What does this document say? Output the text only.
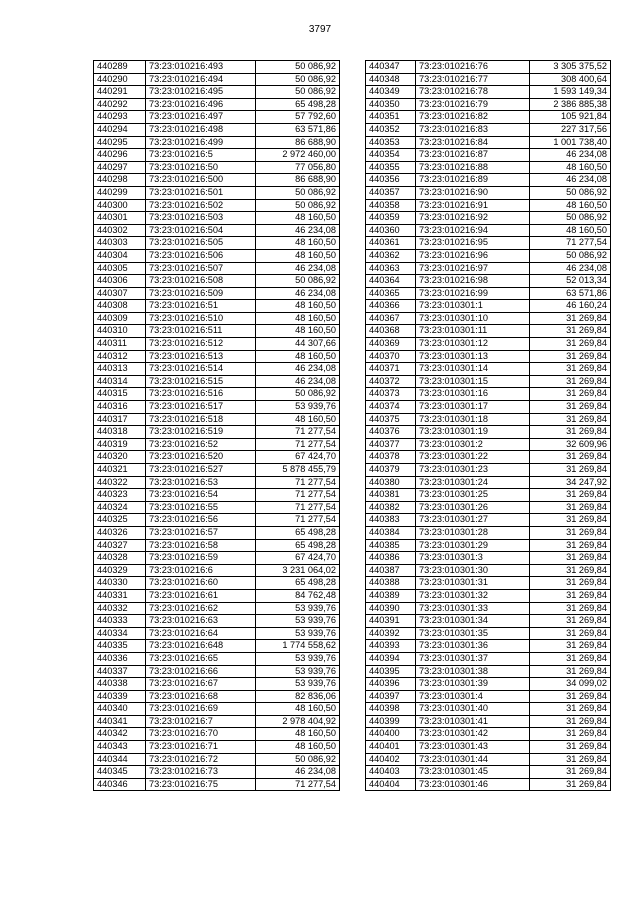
3797
440289	73:23:010216:493	50 086,92
440290	73:23:010216:494	50 086,92
440291	73:23:010216:495	50 086,92
440292	73:23:010216:496	65 498,28
440293	73:23:010216:497	57 792,60
440294	73:23:010216:498	63 571,86
440295	73:23:010216:499	86 688,90
440296	73:23:010216:5	2 972 460,00
440297	73:23:010216:50	77 056,80
440298	73:23:010216:500	86 688,90
440299	73:23:010216:501	50 086,92
440300	73:23:010216:502	50 086,92
440301	73:23:010216:503	48 160,50
440302	73:23:010216:504	46 234,08
440303	73:23:010216:505	48 160,50
440304	73:23:010216:506	48 160,50
440305	73:23:010216:507	46 234,08
440306	73:23:010216:508	50 086,92
440307	73:23:010216:509	46 234,08
440308	73:23:010216:51	48 160,50
440309	73:23:010216:510	48 160,50
440310	73:23:010216:511	48 160,50
440311	73:23:010216:512	44 307,66
440312	73:23:010216:513	48 160,50
440313	73:23:010216:514	46 234,08
440314	73:23:010216:515	46 234,08
440315	73:23:010216:516	50 086,92
440316	73:23:010216:517	53 939,76
440317	73:23:010216:518	48 160,50
440318	73:23:010216:519	71 277,54
440319	73:23:010216:52	71 277,54
440320	73:23:010216:520	67 424,70
440321	73:23:010216:527	5 878 455,79
440322	73:23:010216:53	71 277,54
440323	73:23:010216:54	71 277,54
440324	73:23:010216:55	71 277,54
440325	73:23:010216:56	71 277,54
440326	73:23:010216:57	65 498,28
440327	73:23:010216:58	65 498,28
440328	73:23:010216:59	67 424,70
440329	73:23:010216:6	3 231 064,02
440330	73:23:010216:60	65 498,28
440331	73:23:010216:61	84 762,48
440332	73:23:010216:62	53 939,76
440333	73:23:010216:63	53 939,76
440334	73:23:010216:64	53 939,76
440335	73:23:010216:648	1 774 558,62
440336	73:23:010216:65	53 939,76
440337	73:23:010216:66	53 939,76
440338	73:23:010216:67	53 939,76
440339	73:23:010216:68	82 836,06
440340	73:23:010216:69	48 160,50
440341	73:23:010216:7	2 978 404,92
440342	73:23:010216:70	48 160,50
440343	73:23:010216:71	48 160,50
440344	73:23:010216:72	50 086,92
440345	73:23:010216:73	46 234,08
440346	73:23:010216:75	71 277,54
440347	73:23:010216:76	3 305 375,52
440348	73:23:010216:77	308 400,64
440349	73:23:010216:78	1 593 149,34
440350	73:23:010216:79	2 386 885,38
440351	73:23:010216:82	105 921,84
440352	73:23:010216:83	227 317,56
440353	73:23:010216:84	1 001 738,40
440354	73:23:010216:87	46 234,08
440355	73:23:010216:88	48 160,50
440356	73:23:010216:89	46 234,08
440357	73:23:010216:90	50 086,92
440358	73:23:010216:91	48 160,50
440359	73:23:010216:92	50 086,92
440360	73:23:010216:94	48 160,50
440361	73:23:010216:95	71 277,54
440362	73:23:010216:96	50 086,92
440363	73:23:010216:97	46 234,08
440364	73:23:010216:98	52 013,34
440365	73:23:010216:99	63 571,86
440366	73:23:010301:1	46 160,24
440367	73:23:010301:10	31 269,84
440368	73:23:010301:11	31 269,84
440369	73:23:010301:12	31 269,84
440370	73:23:010301:13	31 269,84
440371	73:23:010301:14	31 269,84
440372	73:23:010301:15	31 269,84
440373	73:23:010301:16	31 269,84
440374	73:23:010301:17	31 269,84
440375	73:23:010301:18	31 269,84
440376	73:23:010301:19	31 269,84
440377	73:23:010301:2	32 609,96
440378	73:23:010301:22	31 269,84
440379	73:23:010301:23	31 269,84
440380	73:23:010301:24	34 247,92
440381	73:23:010301:25	31 269,84
440382	73:23:010301:26	31 269,84
440383	73:23:010301:27	31 269,84
440384	73:23:010301:28	31 269,84
440385	73:23:010301:29	31 269,84
440386	73:23:010301:3	31 269,84
440387	73:23:010301:30	31 269,84
440388	73:23:010301:31	31 269,84
440389	73:23:010301:32	31 269,84
440390	73:23:010301:33	31 269,84
440391	73:23:010301:34	31 269,84
440392	73:23:010301:35	31 269,84
440393	73:23:010301:36	31 269,84
440394	73:23:010301:37	31 269,84
440395	73:23:010301:38	31 269,84
440396	73:23:010301:39	34 099,02
440397	73:23:010301:4	31 269,84
440398	73:23:010301:40	31 269,84
440399	73:23:010301:41	31 269,84
440400	73:23:010301:42	31 269,84
440401	73:23:010301:43	31 269,84
440402	73:23:010301:44	31 269,84
440403	73:23:010301:45	31 269,84
440404	73:23:010301:46	31 269,84
